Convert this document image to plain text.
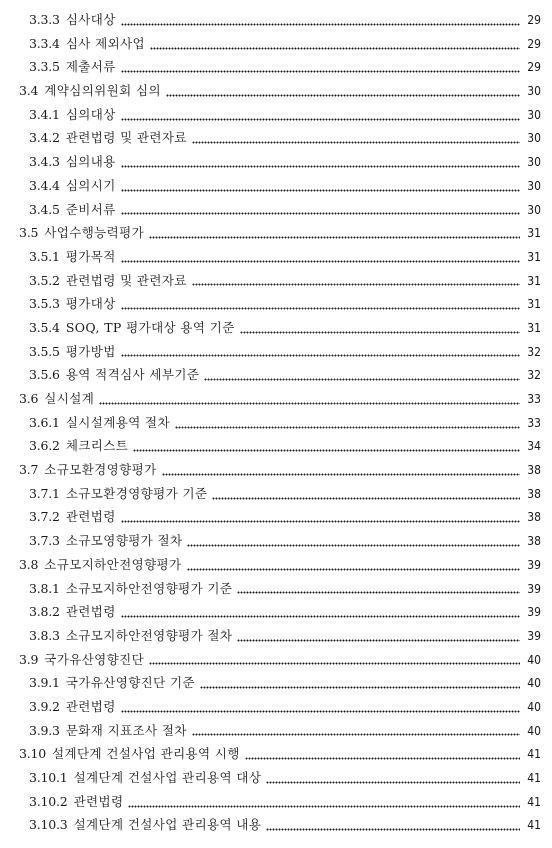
3.3.3 심사대상	29
3.3.4 심사 제외사업	29
3.3.5 제출서류	29
3.4 계약심의위원회 심의	30
3.4.1 심의대상	30
3.4.2 관련법령 및 관련자료	30
3.4.3 심의내용	30
3.4.4 심의시기	30
3.4.5 준비서류	30
3.5 사업수행능력평가	31
3.5.1 평가목적	31
3.5.2 관련법령 및 관련자료	31
3.5.3 평가대상	31
3.5.4 SOQ, TP 평가대상 용역 기준	31
3.5.5 평가방법	32
3.5.6 용역 적격심사 세부기준	32
3.6 실시설계	33
3.6.1 실시설계용역 절차	33
3.6.2 체크리스트	34
3.7 소규모환경영향평가	38
3.7.1 소규모환경영향평가 기준	38
3.7.2 관련법령	38
3.7.3 소규모영향평가 절차	38
3.8 소규모지하안전영향평가	39
3.8.1 소규모지하안전영향평가 기준	39
3.8.2 관련법령	39
3.8.3 소규모지하안전영향평가 절차	39
3.9 국가유산영향진단	40
3.9.1 국가유산영향진단 기준	40
3.9.2 관련법령	40
3.9.3 문화재 지표조사 절차	40
3.10 설계단계 건설사업 관리용역 시행	41
3.10.1 설계단계 건설사업 관리용역 대상	41
3.10.2 관련법령	41
3.10.3 설계단계 건설사업 관리용역 내용	41
